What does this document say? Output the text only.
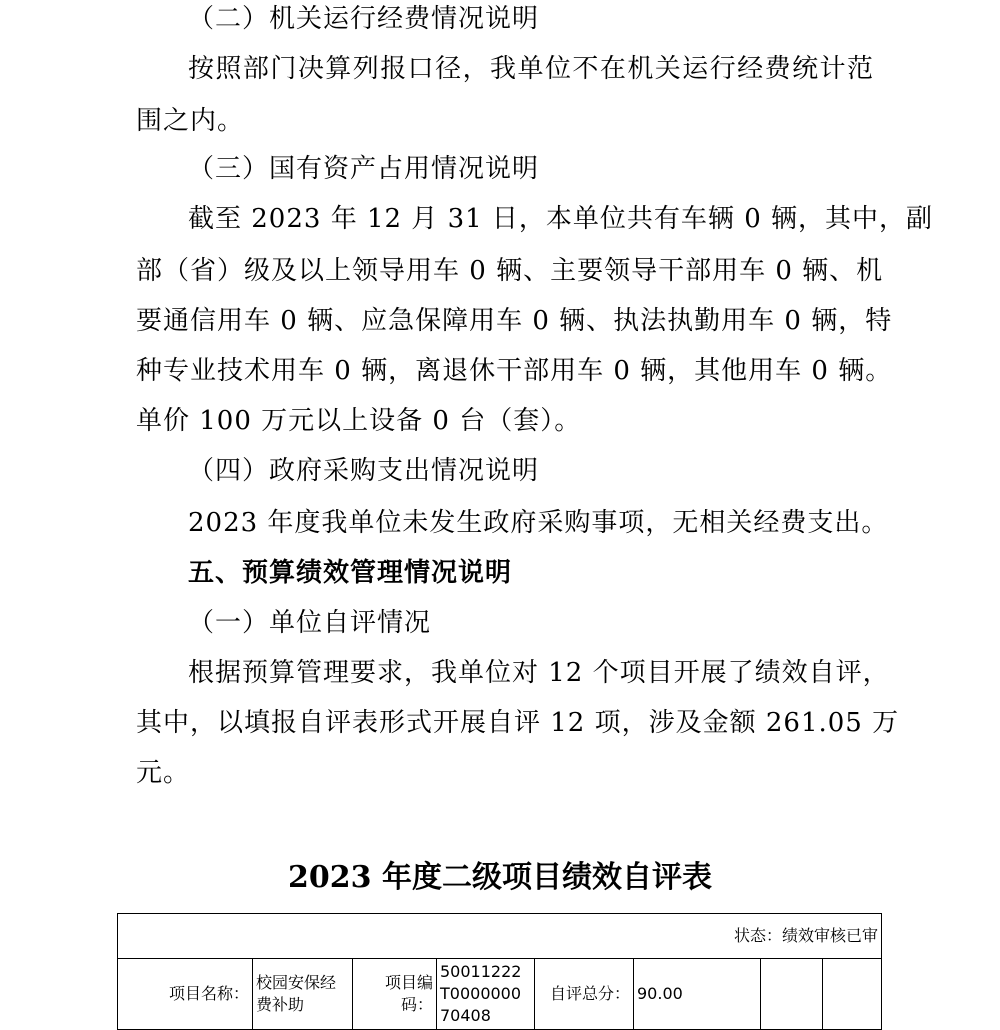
（二）机关运行经费情况说明
按照部门决算列报口径，我单位不在机关运行经费统计范
围之内。
（三）国有资产占用情况说明
截至 2023 年 12 月 31 日，本单位共有车辆 0 辆，其中，副
部（省）级及以上领导用车 0 辆、主要领导干部用车 0 辆、机
要通信用车 0 辆、应急保障用车 0 辆、执法执勤用车 0 辆，特
种专业技术用车 0 辆，离退休干部用车 0 辆，其他用车 0 辆。
单价 100 万元以上设备 0 台（套）。
（四）政府采购支出情况说明
2023 年度我单位未发生政府采购事项，无相关经费支出。
五、预算绩效管理情况说明
（一）单位自评情况
根据预算管理要求，我单位对 12 个项目开展了绩效自评，
其中，以填报自评表形式开展自评 12 项，涉及金额 261.05 万
元。
2023 年度二级项目绩效自评表
状态：绩效审核已审
项目名称：	校园安保经费补助	项目编码：	50011222T000000070408	自评总分：	90.00		
